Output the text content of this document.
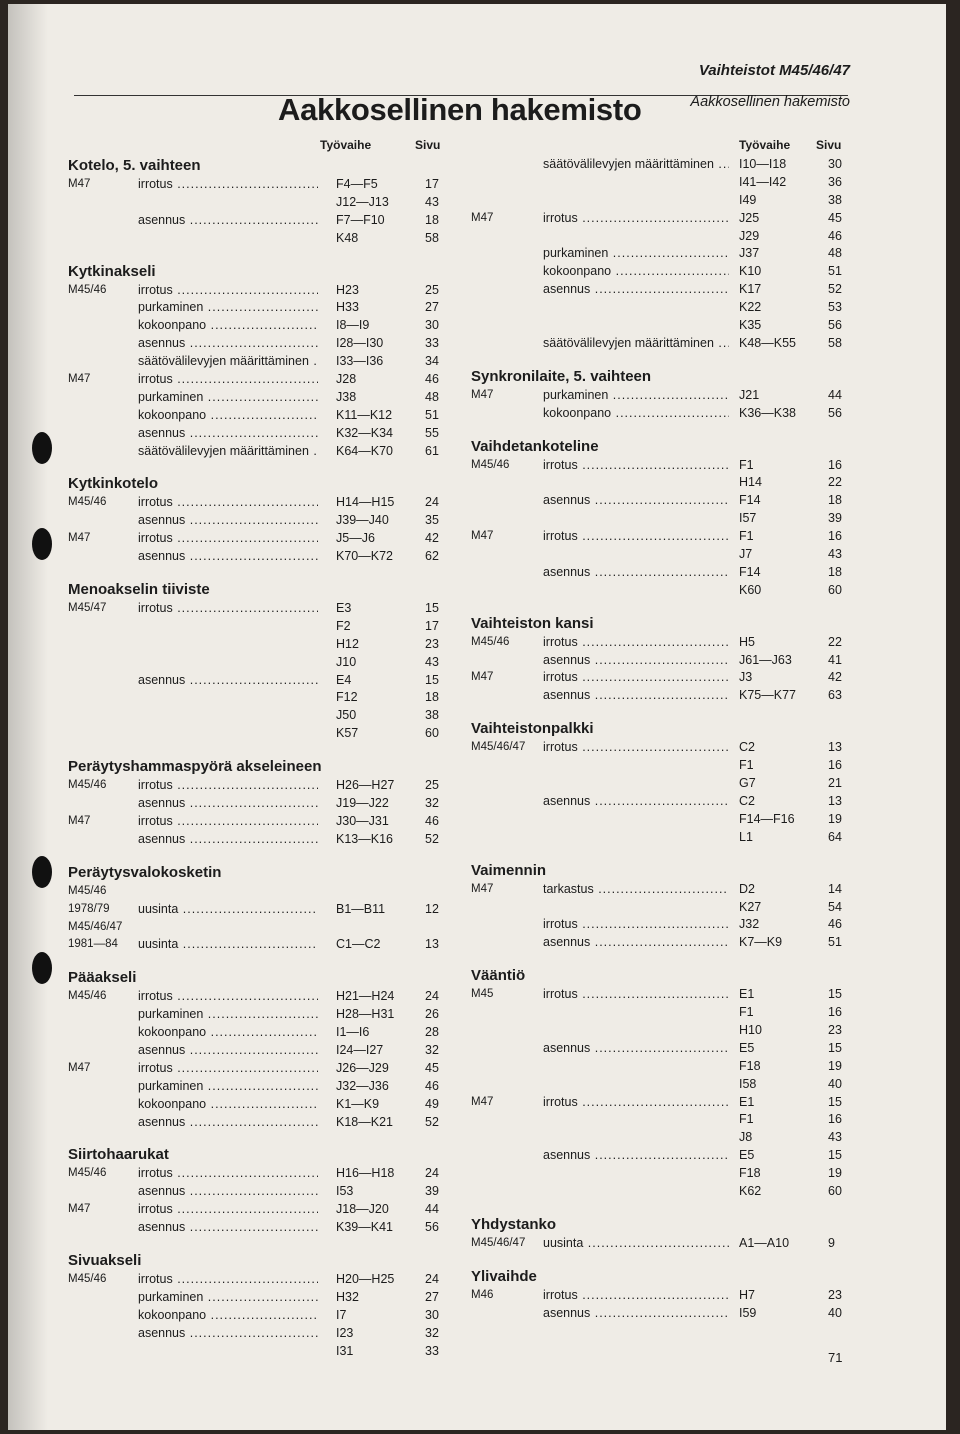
Vaihteistot M45/46/47
Aakkosellinen hakemisto	Aakkosellinen hakemisto
Työvaihe	Sivu
Kotelo, 5. vaihteen
M47	irrotus .....	F4—F5	17
J12—J13	43
asennus .....	F7—F10	18
K48	58
Kytkinakseli
M45/46	irrotus .....	H23	25
purkaminen .....	H33	27
kokoonpano .....	I8—I9	30
asennus .....	I28—I30	33
säätövälilevyjen määrittäminen .....	I33—I36	34
M47	irrotus .....	J28	46
purkaminen .....	J38	48
kokoonpano .....	K11—K12	51
asennus .....	K32—K34	55
säätövälilevyjen määrittäminen .....	K64—K70	61
Kytkinkotelo
M45/46	irrotus .....	H14—H15 24
asennus .....	J39—J40	35
M47	irrotus .....	J5—J6	42
asennus .....	K70—K72	62
Menoakselin tiiviste
M45/47	irrotus .....	E3	15
F2	17
H12	23
J10	43
asennus .....	E4	15
F12	18
J50	38
K57	60
Peräytyshammaspyörä akseleineen
M45/46	irrotus .....	H26—H27 25
asennus .....	J19—J22	32
M47	irrotus .....	J30—J31	46
asennus .....	K13—K16	52
Peräytysvalokosketin
M45/46
1978/79 uusinta .....	B1—B11	12
M45/46/47
1981—84 uusinta .....	C1—C2	13
Pääakseli
M45/46	irrotus .....	H21—H24 24
purkaminen .....	H28—H31 26
kokoonpano .....	I1—I6	28
asennus .....	I24—I27	32
M47	irrotus .....	J26—J29	45
purkaminen .....	J32—J36	46
kokoonpano .....	K1—K9	49
asennus .....	K18—K21	52
Siirtohaarukat
M45/46	irrotus .....	H16—H18 24
asennus .....	I53	39
M47	irrotus .....	J18—J20	44
asennus .....	K39—K41	56
Sivuakseli
M45/46	irrotus .....	H20—H25 24
purkaminen .....	H32	27
kokoonpano .....	I7	30
asennus .....	I23	32
I31	33
Työvaihe Sivu
säätövälilevyjen määrittäminen .....	I10—I18	30
I41—I42	36
I49	38
M47	irrotus .....	J25	45
J29	46
purkaminen .....	J37	48
kokoonpano .....	K10	51
asennus .....	K17	52
K22	53
K35	56
säätövälilevyjen määrittäminen .....	K48—K55	58
Synkronilaite, 5. vaihteen
M47	purkaminen .....	J21	44
kokoonpano .....	K36—K38	56
Vaihdetankoteline
M45/46	irrotus .....	F1	16
H14	22
asennus .....	F14	18
I57	39
M47	irrotus .....	F1	16
J7	43
asennus .....	F14	18
K60	60
Vaihteiston kansi
M45/46	irrotus .....	H5	22
asennus .....	J61—J63	41
M47	irrotus .....	J3	42
asennus .....	K75—K77	63
Vaihteistonpalkki
M45/46/47 irrotus .....	C2	13
F1	16
G7	21
asennus .....	C2	13
F14—F16	19
L1	64
Vaimennin
M47	tarkastus .....	D2	14
K27	54
irrotus .....	J32	46
asennus .....	K7—K9	51
Vääntiö
M45	irrotus .....	E1	15
F1	16
H10	23
asennus .....	E5	15
F18	19
I58	40
M47	irrotus .....	E1	15
F1	16
J8	43
asennus .....	E5	15
F18	19
K62	60
Yhdystanko
M45/46/47 uusinta .....	A1—A10	9
Ylivaihde
M46	irrotus .....	H7	23
asennus .....	I59	40
71
